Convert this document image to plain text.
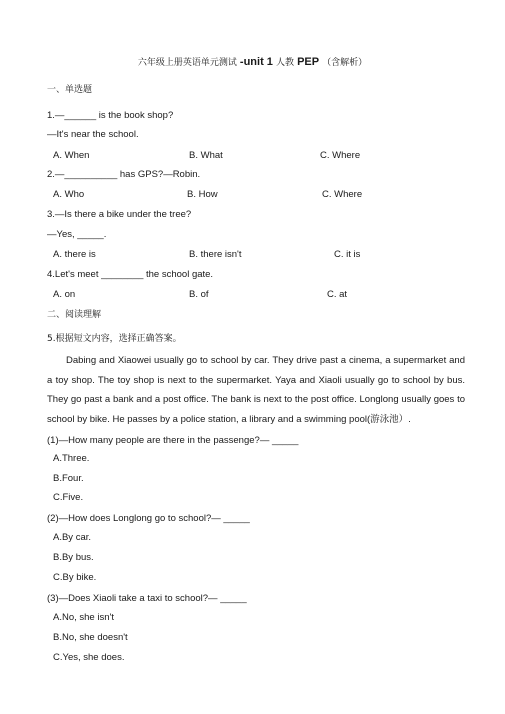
六年级上册英语单元测试 -unit 1 人教 PEP （含解析）
一、单选题
1.—______ is the book shop?
—It's near the school.
A. When	B. What	C. Where
2.—__________ has GPS?—Robin.
A. Who	B. How	C. Where
3.—Is there a bike under the tree?
—Yes, _____.
A. there is	B. there isn't	C. it is
4.Let's meet ________ the school gate.
A. on	B. of	C. at
二、阅读理解
5.根据短文内容，选择正确答案。
Dabing and Xiaowei usually go to school by car. They drive past a cinema, a supermarket and a toy shop. The toy shop is next to the supermarket. Yaya and Xiaoli usually go to school by bus. They go past a bank and a post office. The bank is next to the post office. Longlong usually goes to school by bike. He passes by a police station, a library and a swimming pool(游泳池）.
(1)—How many people are there in the passenge?— _____
A.Three.
B.Four.
C.Five.
(2)—How does Longlong go to school?— _____
A.By car.
B.By bus.
C.By bike.
(3)—Does Xiaoli take a taxi to school?— _____
A.No, she isn't
B.No, she doesn't
C.Yes, she does.
